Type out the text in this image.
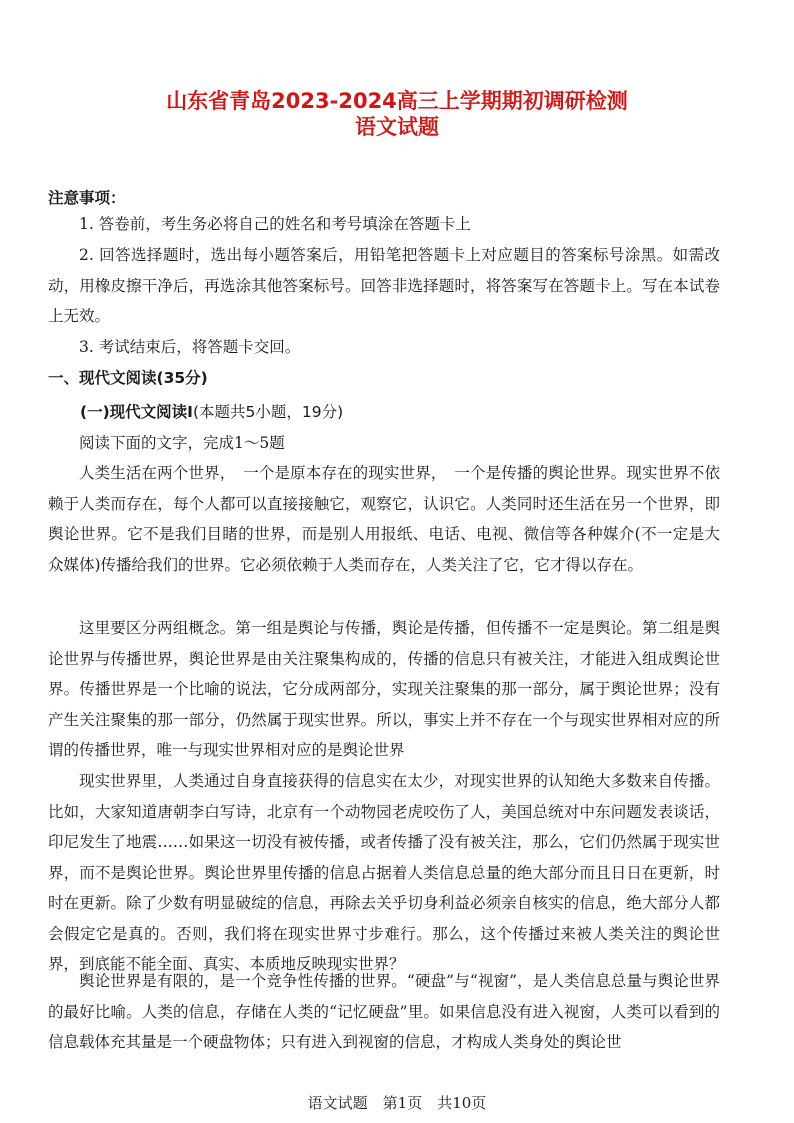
山东省青岛2023-2024高三上学期期初调研检测
语文试题
注意事项：

1. 答卷前，考生务必将自己的姓名和考号填涂在答题卡上

2. 回答选择题时，选出每小题答案后，用铅笔把答题卡上对应题目的答案标号涂黑。如需改动，用橡皮擦干净后，再选涂其他答案标号。回答非选择题时，将答案写在答题卡上。写在本试卷上无效。

3. 考试结束后，将答题卡交回。

一、现代文阅读(35分)
(一)现代文阅读Ⅰ(本题共5小题，19分)

阅读下面的文字，完成1～5题

人类生活在两个世界，　一个是原本存在的现实世界，　一个是传播的舆论世界。现实世界不依赖于人类而存在，每个人都可以直接接触它，观察它，认识它。人类同时还生活在另一个世界，即舆论世界。它不是我们目睹的世界，而是别人用报纸、电话、电视、微信等各种媒介(不一定是大众媒体)传播给我们的世界。它必须依赖于人类而存在，人类关注了它，它才得以存在。

这里要区分两组概念。第一组是舆论与传播，舆论是传播，但传播不一定是舆论。第二组是舆论世界与传播世界，舆论世界是由关注聚集构成的，传播的信息只有被关注，才能进入组成舆论世界。传播世界是一个比喻的说法，它分成两部分，实现关注聚集的那一部分，属于舆论世界；没有产生关注聚集的那一部分，仍然属于现实世界。所以，事实上并不存在一个与现实世界相对应的所谓的传播世界，唯一与现实世界相对应的是舆论世界

现实世界里，人类通过自身直接获得的信息实在太少，对现实世界的认知绝大多数来自传播。比如，大家知道唐朝李白写诗，北京有一个动物园老虎咬伤了人，美国总统对中东问题发表谈话，印尼发生了地震……如果这一切没有被传播，或者传播了没有被关注，那么，它们仍然属于现实世界，而不是舆论世界。舆论世界里传播的信息占据着人类信息总量的绝大部分而且日日在更新，时时在更新。除了少数有明显破绽的信息，再除去关乎切身利益必须亲自核实的信息，绝大部分人都会假定它是真的。否则，我们将在现实世界寸步难行。那么，这个传播过来被人类关注的舆论世界，到底能不能全面、真实、本质地反映现实世界？

舆论世界是有限的，是一个竞争性传播的世界。“硬盘”与“视窗”，是人类信息总量与舆论世界的最好比喻。人类的信息，存储在人类的“记忆硬盘”里。如果信息没有进入视窗，人类可以看到的信息载体充其量是一个硬盘物体；只有进入到视窗的信息，才构成人类身处的舆论世

语文试题　第1页　共10页
